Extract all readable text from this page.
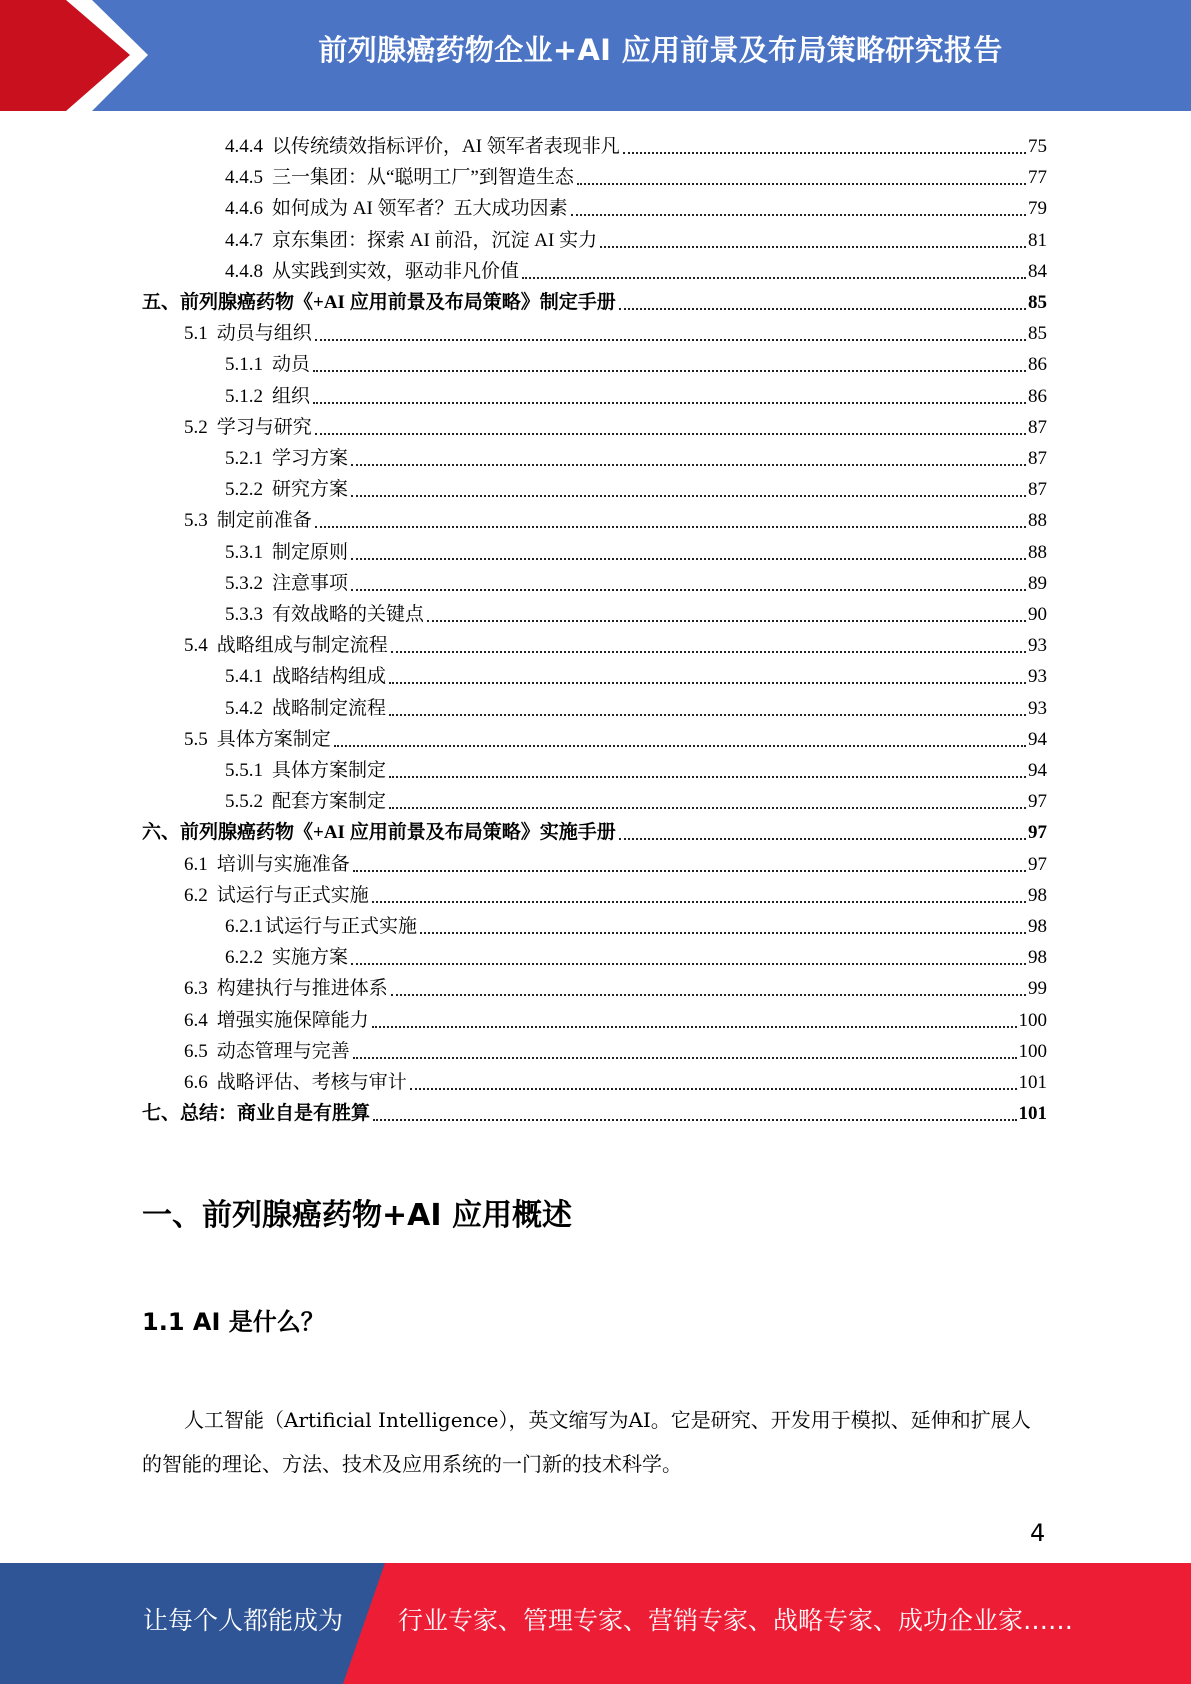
前列腺癌药物企业+AI 应用前景及布局策略研究报告
4.4.4 以传统绩效指标评价，AI 领军者表现非凡	75
4.4.5 三一集团：从“聪明工厂”到智造生态	77
4.4.6 如何成为 AI 领军者？五大成功因素	79
4.4.7 京东集团：探索 AI 前沿，沉淀 AI 实力	81
4.4.8 从实践到实效，驱动非凡价值	84
五、前列腺癌药物《+AI 应用前景及布局策略》制定手册	85
5.1 动员与组织	85
5.1.1 动员	86
5.1.2 组织	86
5.2 学习与研究	87
5.2.1 学习方案	87
5.2.2 研究方案	87
5.3 制定前准备	88
5.3.1 制定原则	88
5.3.2 注意事项	89
5.3.3 有效战略的关键点	90
5.4 战略组成与制定流程	93
5.4.1 战略结构组成	93
5.4.2 战略制定流程	93
5.5 具体方案制定	94
5.5.1 具体方案制定	94
5.5.2 配套方案制定	97
六、前列腺癌药物《+AI 应用前景及布局策略》实施手册	97
6.1 培训与实施准备	97
6.2 试运行与正式实施	98
6.2.1 试运行与正式实施	98
6.2.2 实施方案	98
6.3 构建执行与推进体系	99
6.4 增强实施保障能力	100
6.5 动态管理与完善	100
6.6 战略评估、考核与审计	101
七、总结：商业自是有胜算	101
一、前列腺癌药物+AI 应用概述
1.1 AI 是什么？
人工智能（Artificial Intelligence），英文缩写为AI。它是研究、开发用于模拟、延伸和扩展人的智能的理论、方法、技术及应用系统的一门新的技术科学。
4
让每个人都能成为 行业专家、管理专家、营销专家、战略专家、成功企业家……
